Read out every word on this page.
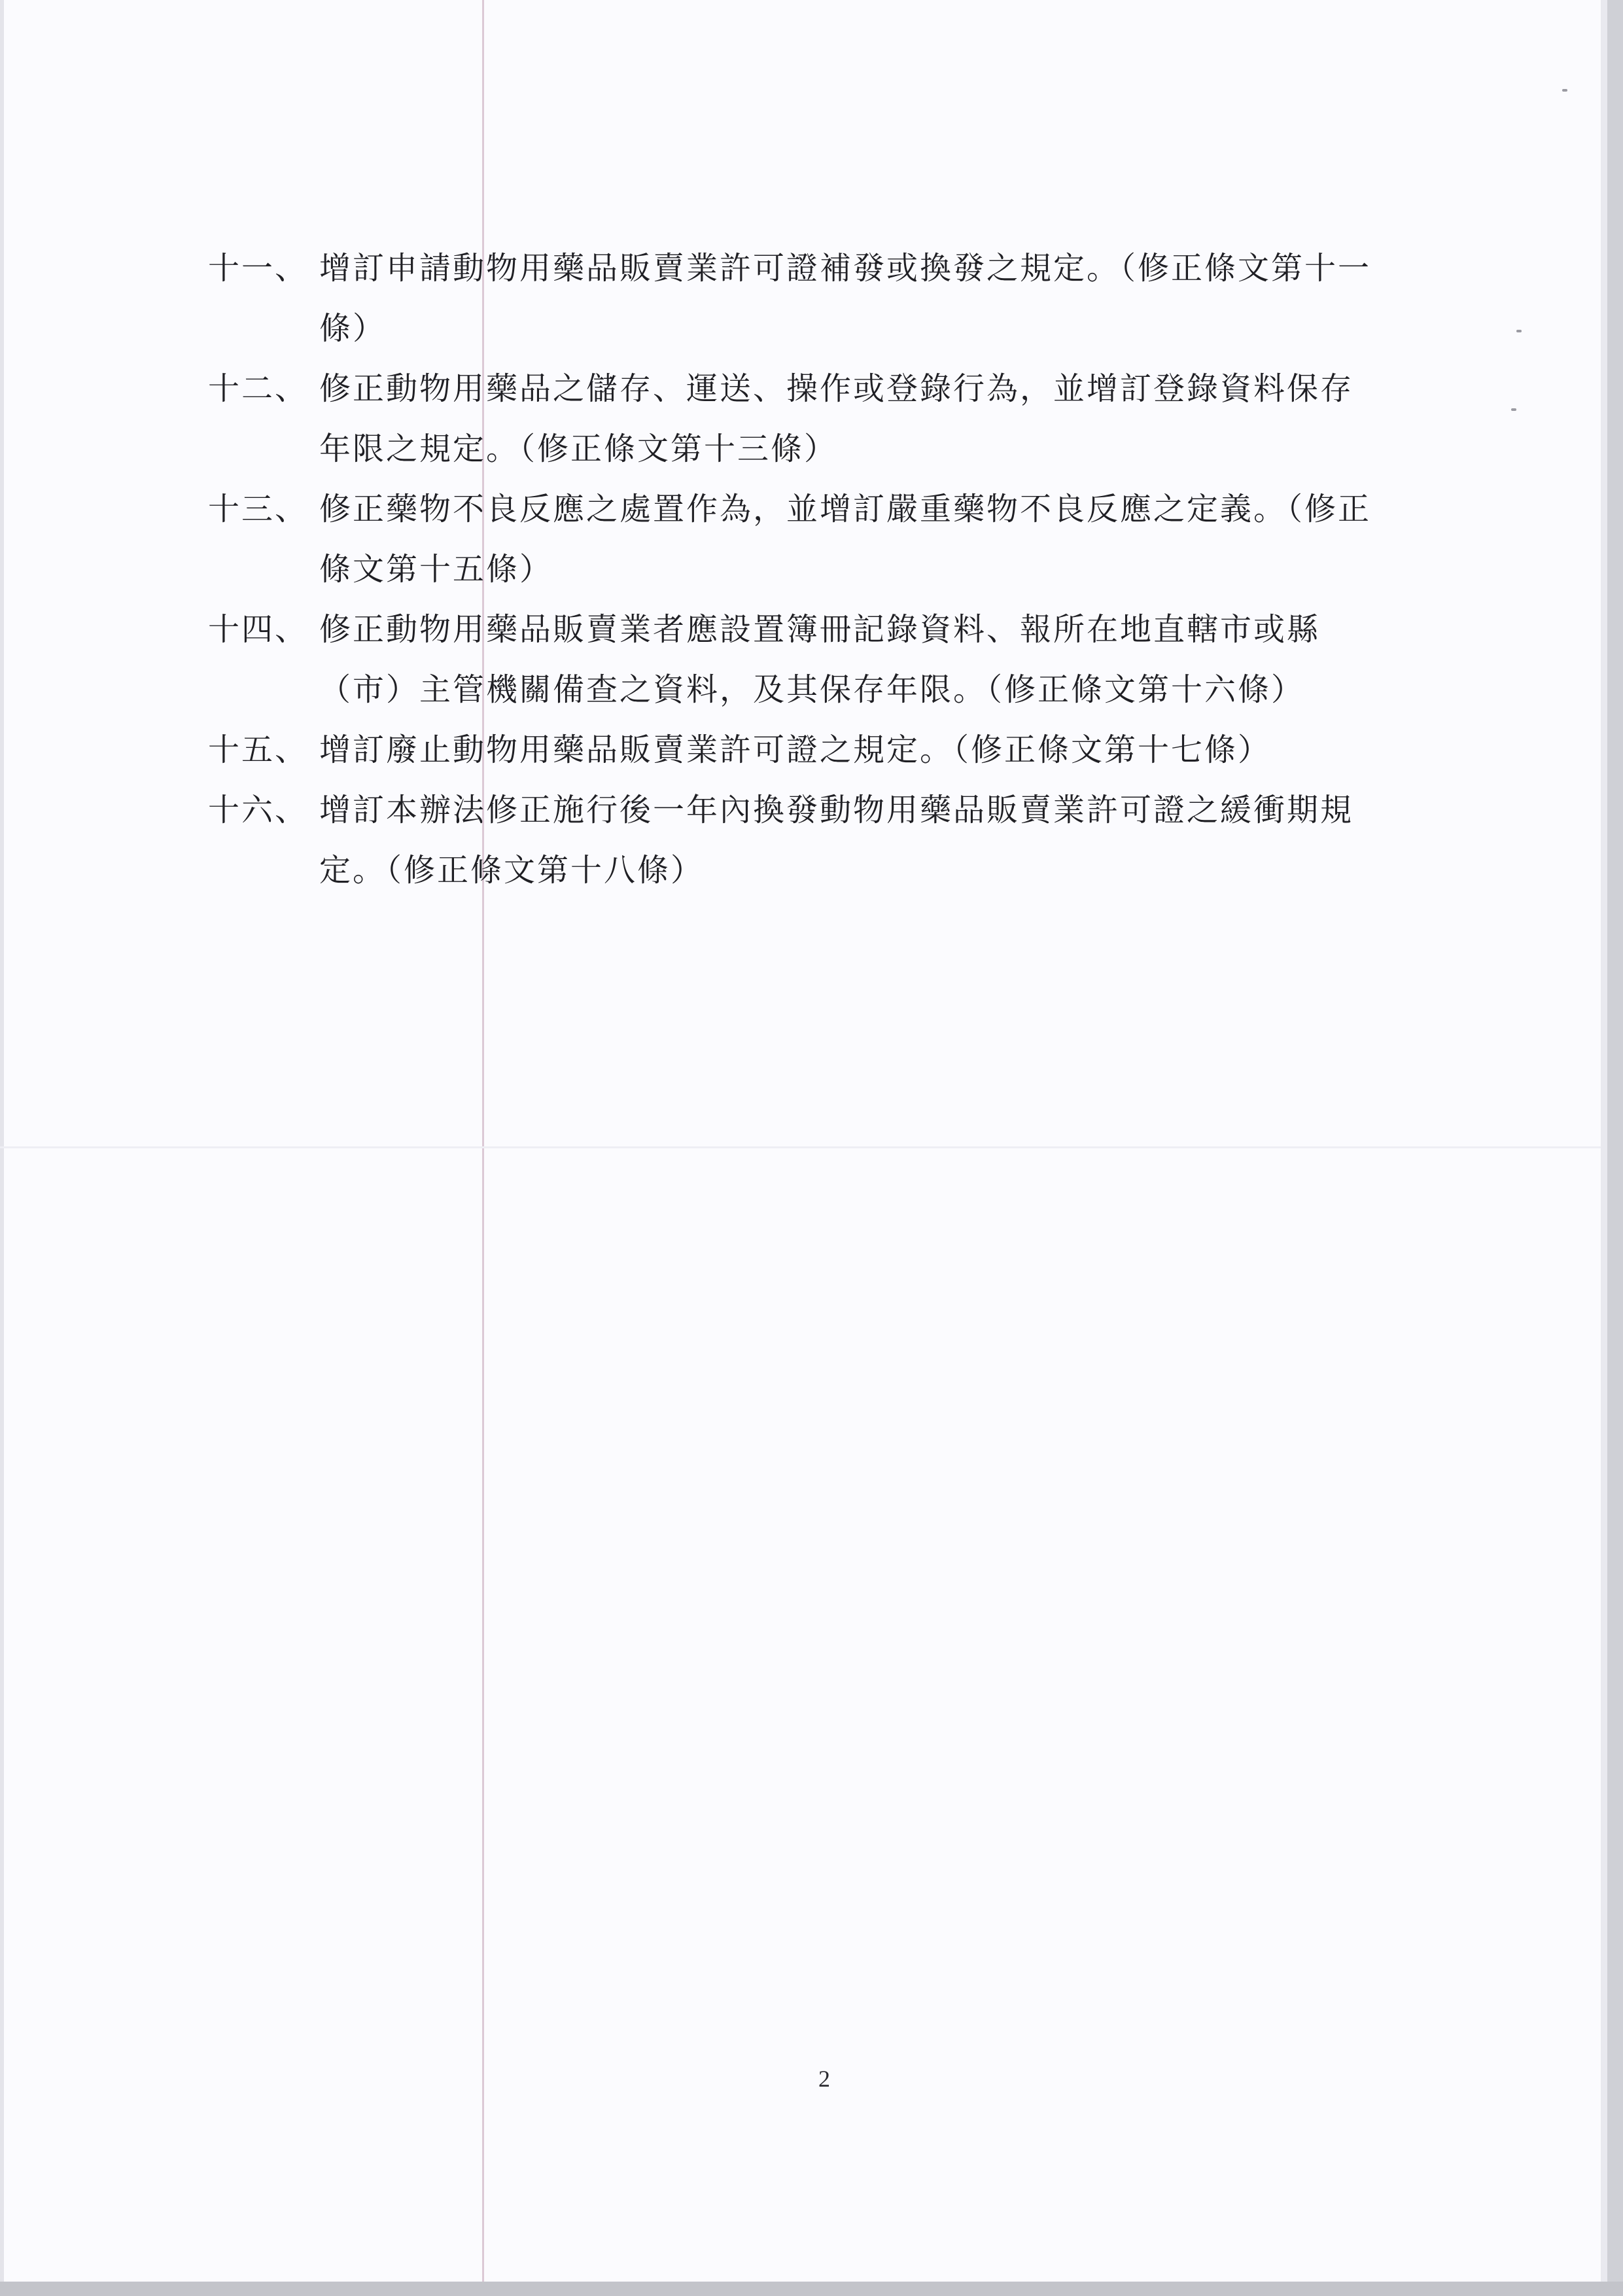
十一、 增訂申請動物用藥品販賣業許可證補發或換發之規定。（修正條文第十一條）
十二、 修正動物用藥品之儲存、運送、操作或登錄行為，並增訂登錄資料保存年限之規定。（修正條文第十三條）
十三、 修正藥物不良反應之處置作為，並增訂嚴重藥物不良反應之定義。（修正條文第十五條）
十四、 修正動物用藥品販賣業者應設置簿冊記錄資料、報所在地直轄市或縣（市）主管機關備查之資料，及其保存年限。（修正條文第十六條）
十五、 增訂廢止動物用藥品販賣業許可證之規定。（修正條文第十七條）
十六、 增訂本辦法修正施行後一年內換發動物用藥品販賣業許可證之緩衝期規定。（修正條文第十八條）
2
